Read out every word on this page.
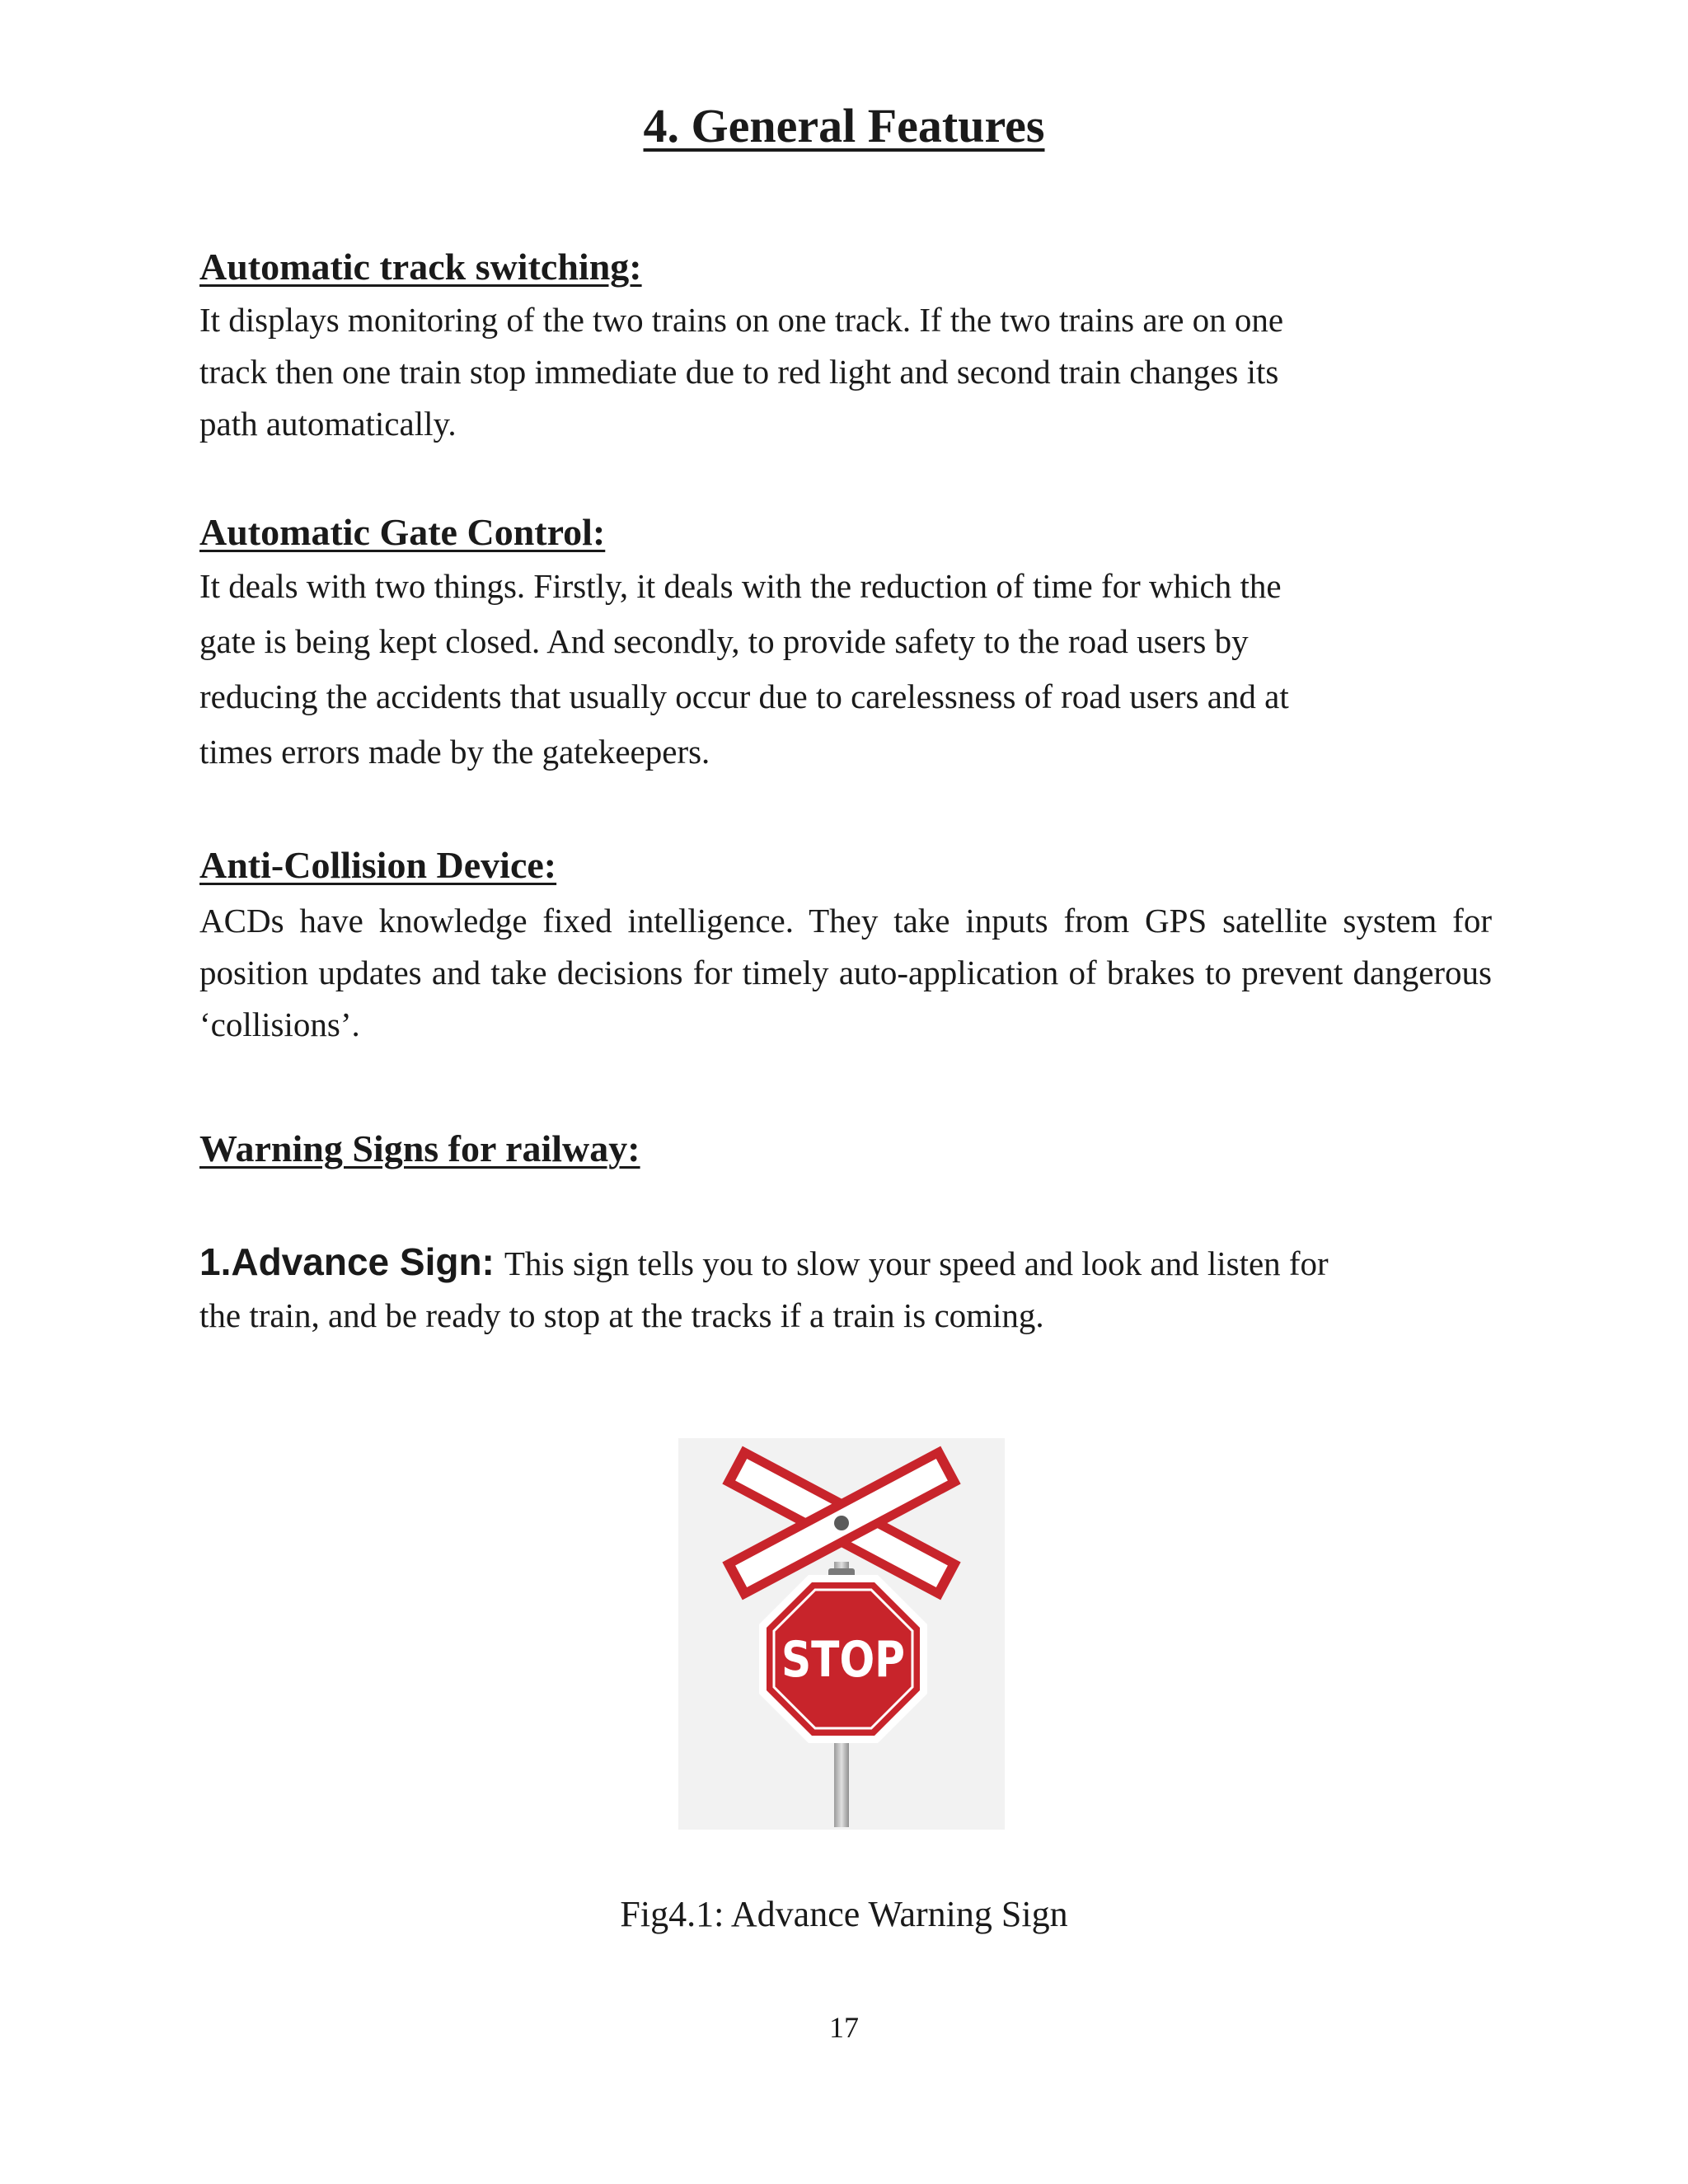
4. General Features
Automatic track switching:
It displays monitoring of the two trains on one track. If the two trains are on one
track then one train stop immediate due to red light and second train changes its
path automatically.
Automatic Gate Control:
It deals with two things. Firstly, it deals with the reduction of time for which the
gate is being kept closed. And secondly, to provide safety to the road users by
reducing the accidents that usually occur due to carelessness of road users and at
times errors made by the gatekeepers.
Anti-Collision Device:
ACDs have knowledge fixed intelligence. They take inputs from GPS satellite system for position updates and take decisions for timely auto-application of brakes to prevent dangerous ‘collisions’.
Warning Signs for railway:
1.Advance Sign: This sign tells you to slow your speed and look and listen for
the train, and be ready to stop at the tracks if a train is coming.
STOP
Fig4.1: Advance Warning Sign
17
